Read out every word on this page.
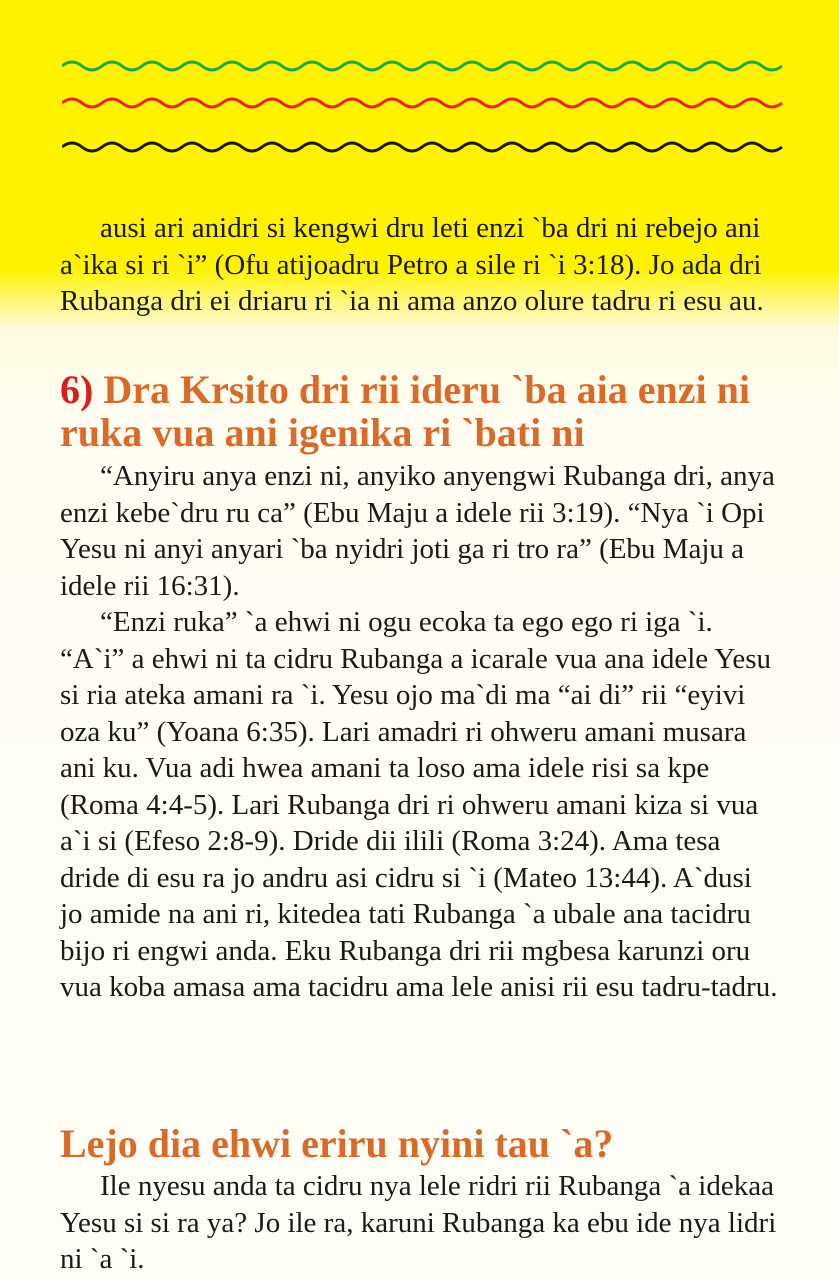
ausi ari anidri si kengwi dru leti enzi `ba dri ni rebejo ani a`ika si ri `i” (Ofu atijoadru Petro a sile ri `i 3:18). Jo ada dri Rubanga dri ei driaru ri `ia ni ama anzo olure tadru ri esu au.

6) Dra Krsito dri rii ideru `ba aia enzi ni ruka vua ani igenika ri `bati ni

“Anyiru anya enzi ni, anyiko anyengwi Rubanga dri, anya enzi kebe`dru ru ca” (Ebu Maju a idele rii 3:19). “Nya `i Opi Yesu ni anyi anyari `ba nyidri joti ga ri tro ra” (Ebu Maju a idele rii 16:31).

“Enzi ruka” `a ehwi ni ogu ecoka ta ego ego ri iga `i. “A`i” a ehwi ni ta cidru Rubanga a icarale vua ana idele Yesu si ria ateka amani ra `i. Yesu ojo ma`di ma “ai di” rii “eyivi oza ku” (Yoana 6:35). Lari amadri ri ohweru amani musara ani ku. Vua adi hwea amani ta loso ama idele risi sa kpe (Roma 4:4-5). Lari Rubanga dri ri ohweru amani kiza si vua a`i si (Efeso 2:8-9). Dride dii ilili (Roma 3:24). Ama tesa dride di esu ra jo andru asi cidru si `i (Mateo 13:44). A`dusi jo amide na ani ri, kitedea tati Rubanga `a ubale ana tacidru bijo ri engwi anda. Eku Rubanga dri rii mgbesa karunzi oru vua koba amasa ama tacidru ama lele anisi rii esu tadru-tadru.

Lejo dia ehwi eriru nyini tau `a?

Ile nyesu anda ta cidru nya lele ridri rii Rubanga `a idekaa Yesu si si ra ya? Jo ile ra, karuni Rubanga ka ebu ide nya lidri ni `a `i.
